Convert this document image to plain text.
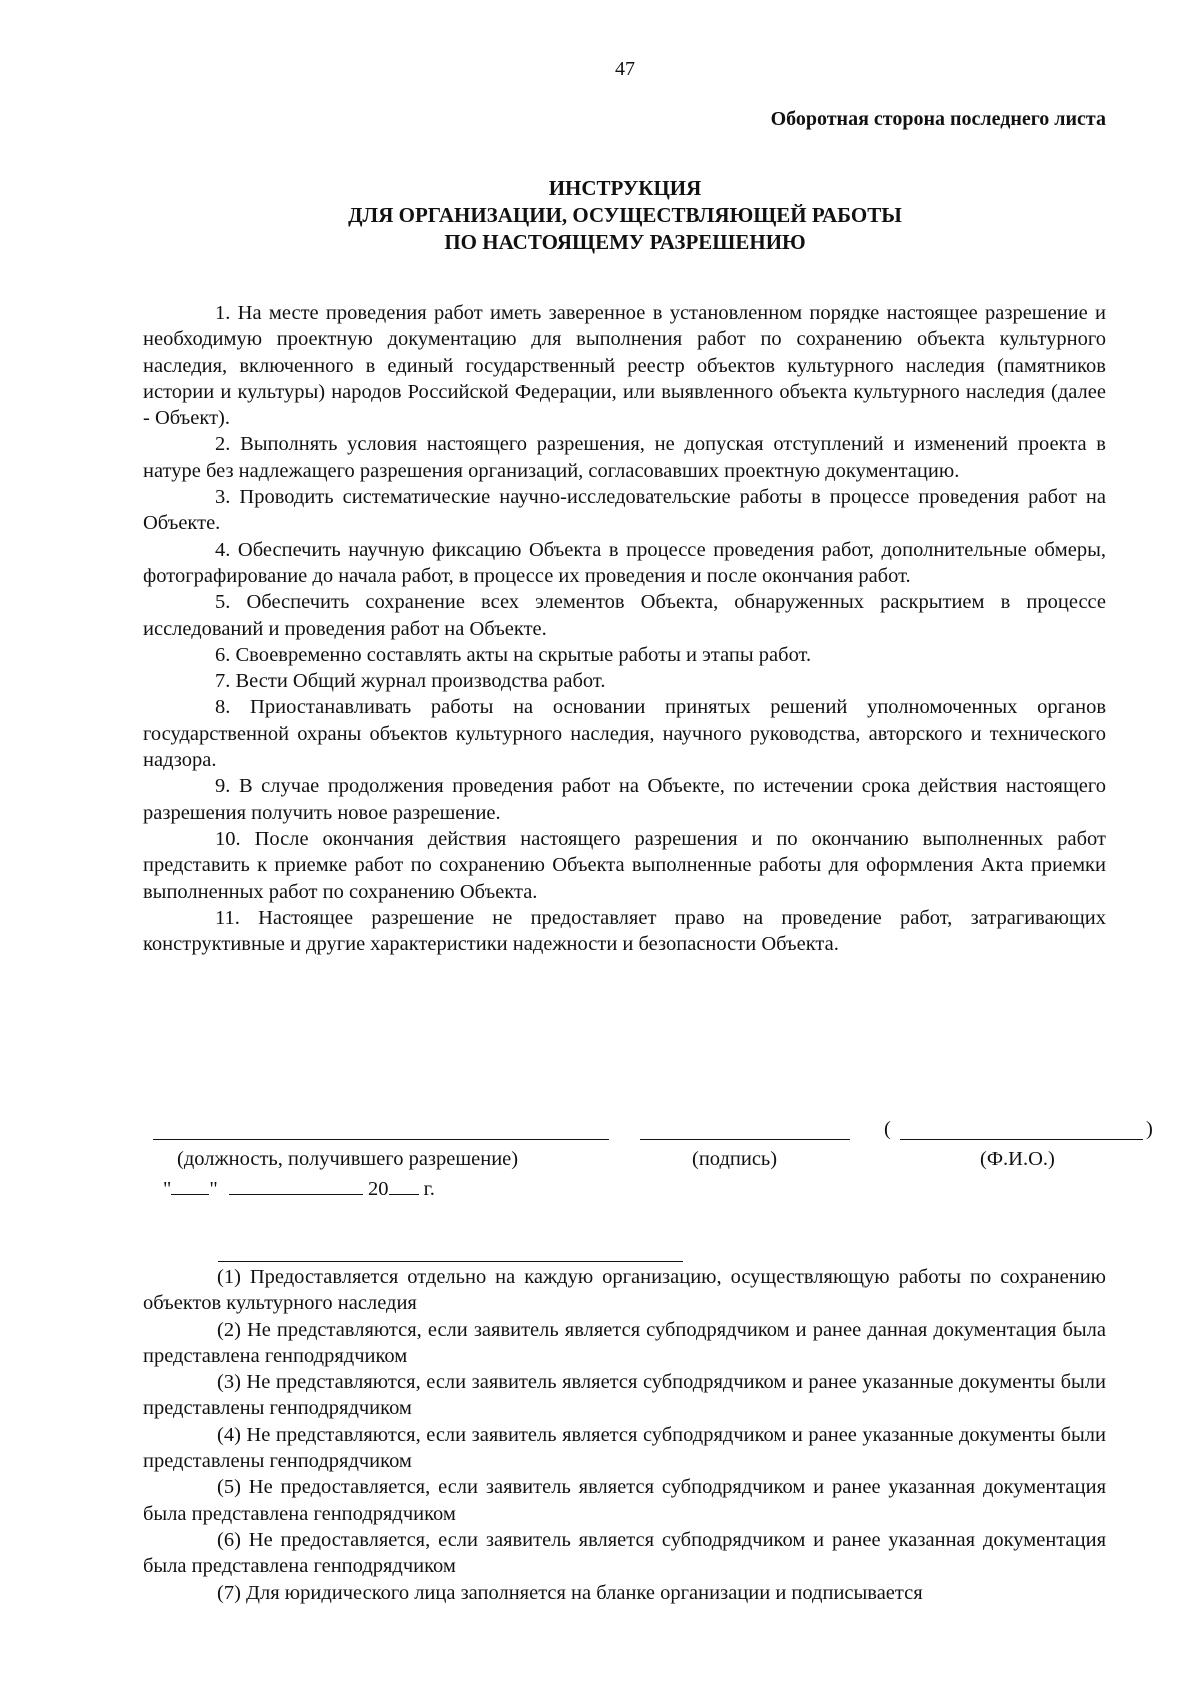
47
Оборотная сторона последнего листа
ИНСТРУКЦИЯ
ДЛЯ ОРГАНИЗАЦИИ, ОСУЩЕСТВЛЯЮЩЕЙ РАБОТЫ
ПО НАСТОЯЩЕМУ РАЗРЕШЕНИЮ

1. На месте проведения работ иметь заверенное в установленном порядке настоящее разрешение и необходимую проектную документацию для выполнения работ по сохранению объекта культурного наследия, включенного в единый государственный реестр объектов культурного наследия (памятников истории и культуры) народов Российской Федерации, или выявленного объекта культурного наследия (далее - Объект).

2. Выполнять условия настоящего разрешения, не допуская отступлений и изменений проекта в натуре без надлежащего разрешения организаций, согласовавших проектную документацию.

3. Проводить систематические научно-исследовательские работы в процессе проведения работ на Объекте.

4. Обеспечить научную фиксацию Объекта в процессе проведения работ, дополнительные обмеры, фотографирование до начала работ, в процессе их проведения и после окончания работ.

5. Обеспечить сохранение всех элементов Объекта, обнаруженных раскрытием в процессе исследований и проведения работ на Объекте.

6. Своевременно составлять акты на скрытые работы и этапы работ.

7. Вести Общий журнал производства работ.

8. Приостанавливать работы на основании принятых решений уполномоченных органов государственной охраны объектов культурного наследия, научного руководства, авторского и технического надзора.

9. В случае продолжения проведения работ на Объекте, по истечении срока действия настоящего разрешения получить новое разрешение.

10. После окончания действия настоящего разрешения и по окончанию выполненных работ представить к приемке работ по сохранению Объекта выполненные работы для оформления Акта приемки выполненных работ по сохранению Объекта.

11. Настоящее разрешение не предоставляет право на проведение работ, затрагивающих конструктивные и другие характеристики надежности и безопасности Объекта.

(	)
(должность, получившего разрешение)	(подпись)	(Ф.И.О.)
" "	20 г.

(1) Предоставляется отдельно на каждую организацию, осуществляющую работы по сохранению объектов культурного наследия

(2) Не представляются, если заявитель является субподрядчиком и ранее данная документация была представлена генподрядчиком

(3) Не представляются, если заявитель является субподрядчиком и ранее указанные документы были представлены генподрядчиком

(4) Не представляются, если заявитель является субподрядчиком и ранее указанные документы были представлены генподрядчиком

(5) Не предоставляется, если заявитель является субподрядчиком и ранее указанная документация была представлена генподрядчиком

(6) Не предоставляется, если заявитель является субподрядчиком и ранее указанная документация была представлена генподрядчиком

(7) Для юридического лица заполняется на бланке организации и подписывается
